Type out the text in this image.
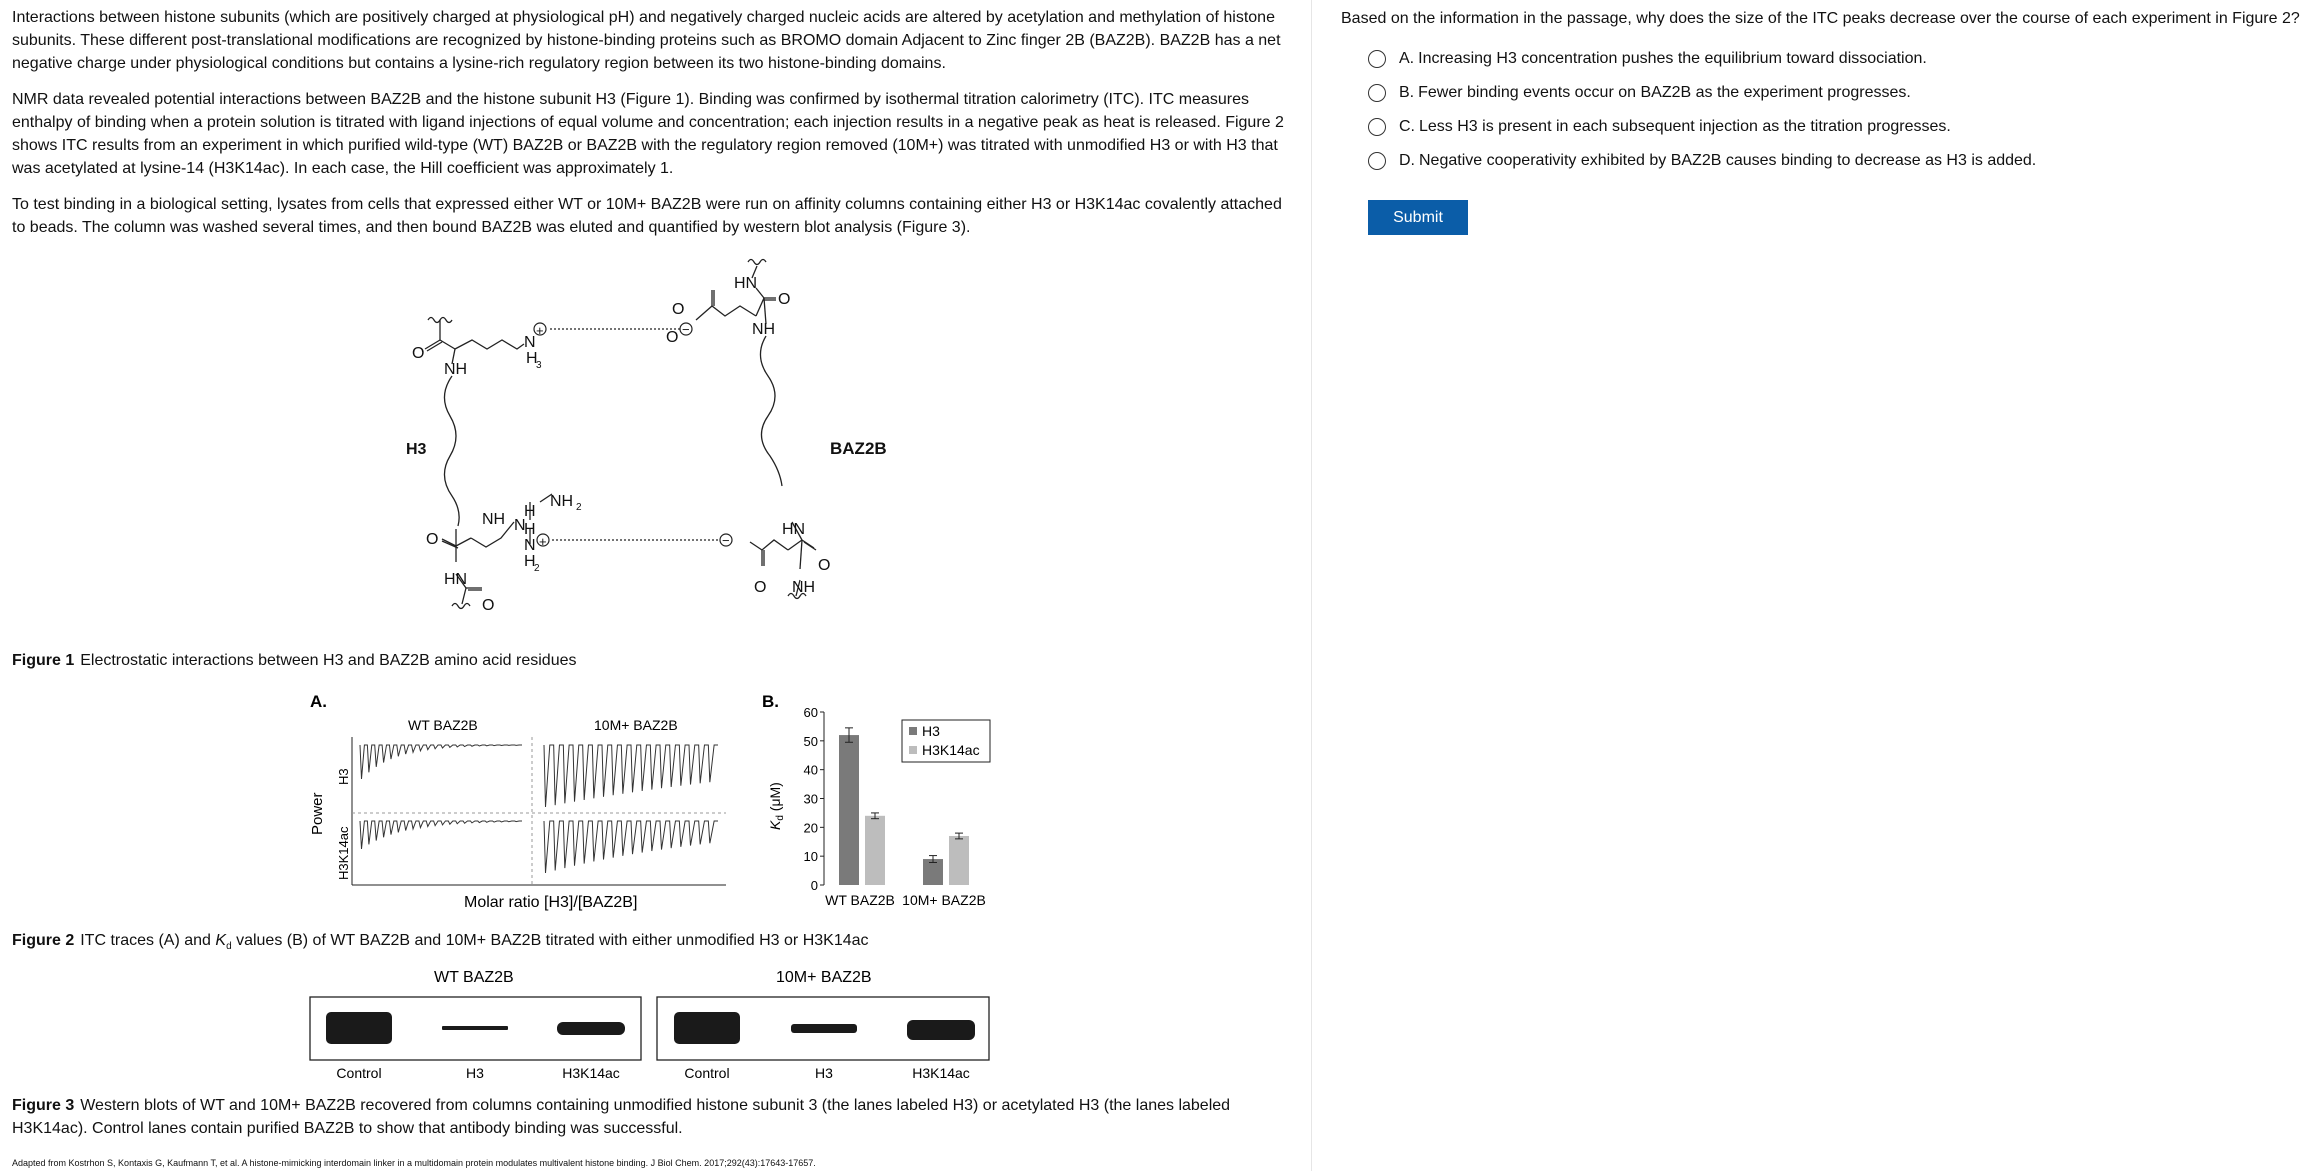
Interactions between histone subunits (which are positively charged at physiological pH) and negatively charged nucleic acids are altered by acetylation and methylation of histone subunits. These different post-translational modifications are recognized by histone-binding proteins such as BROMO domain Adjacent to Zinc finger 2B (BAZ2B). BAZ2B has a net negative charge under physiological conditions but contains a lysine-rich regulatory region between its two histone-binding domains.

NMR data revealed potential interactions between BAZ2B and the histone subunit H3 (Figure 1). Binding was confirmed by isothermal titration calorimetry (ITC). ITC measures enthalpy of binding when a protein solution is titrated with ligand injections of equal volume and concentration; each injection results in a negative peak as heat is released. Figure 2 shows ITC results from an experiment in which purified wild-type (WT) BAZ2B or BAZ2B with the regulatory region removed (10M+) was titrated with unmodified H3 or with H3 that was acetylated at lysine-14 (H3K14ac). In each case, the Hill coefficient was approximately 1.

To test binding in a biological setting, lysates from cells that expressed either WT or 10M+ BAZ2B were run on affinity columns containing either H3 or H3K14ac covalently attached to beads. The column was washed several times, and then bound BAZ2B was eluted and quantified by western blot analysis (Figure 3).

+	−
+	−
O
NH
N
H
3
O
O
HN
O
NH
H3	BAZ2B
NH
O
HN
O
H
N
H
NH 2
N
H
2
HN
O
O NH
Figure 1 Electrostatic interactions between H3 and BAZ2B amino acid residues
A.
WT BAZ2B	10M+ BAZ2B
Power
H3
H3K14ac
Molar ratio [H3]/[BAZ2B]
B.
$K_d$ (μM)
0
10
20
30
40
50
60
WT BAZ2B 10M+ BAZ2B
H3
H3K14ac
Figure 2 ITC traces (A) and $K_d$ values (B) of WT BAZ2B and 10M+ BAZ2B titrated with either unmodified H3 or H3K14ac
WT BAZ2B	10M+ BAZ2B
Control	H3	H3K14ac	Control	H3	H3K14ac
Figure 3 Western blots of WT and 10M+ BAZ2B recovered from columns containing unmodified histone subunit 3 (the lanes labeled H3) or acetylated H3 (the lanes labeled H3K14ac). Control lanes contain purified BAZ2B to show that antibody binding was successful.
Adapted from Kostrhon S, Kontaxis G, Kaufmann T, et al. A histone-mimicking interdomain linker in a multidomain protein modulates multivalent histone binding. J Biol Chem. 2017;292(43):17643-17657.

Based on the information in the passage, why does the size of the ITC peaks decrease over the course of each experiment in Figure 2?

A. Increasing H3 concentration pushes the equilibrium toward dissociation.
B. Fewer binding events occur on BAZ2B as the experiment progresses.
C. Less H3 is present in each subsequent injection as the titration progresses.
D. Negative cooperativity exhibited by BAZ2B causes binding to decrease as H3 is added.
Submit
